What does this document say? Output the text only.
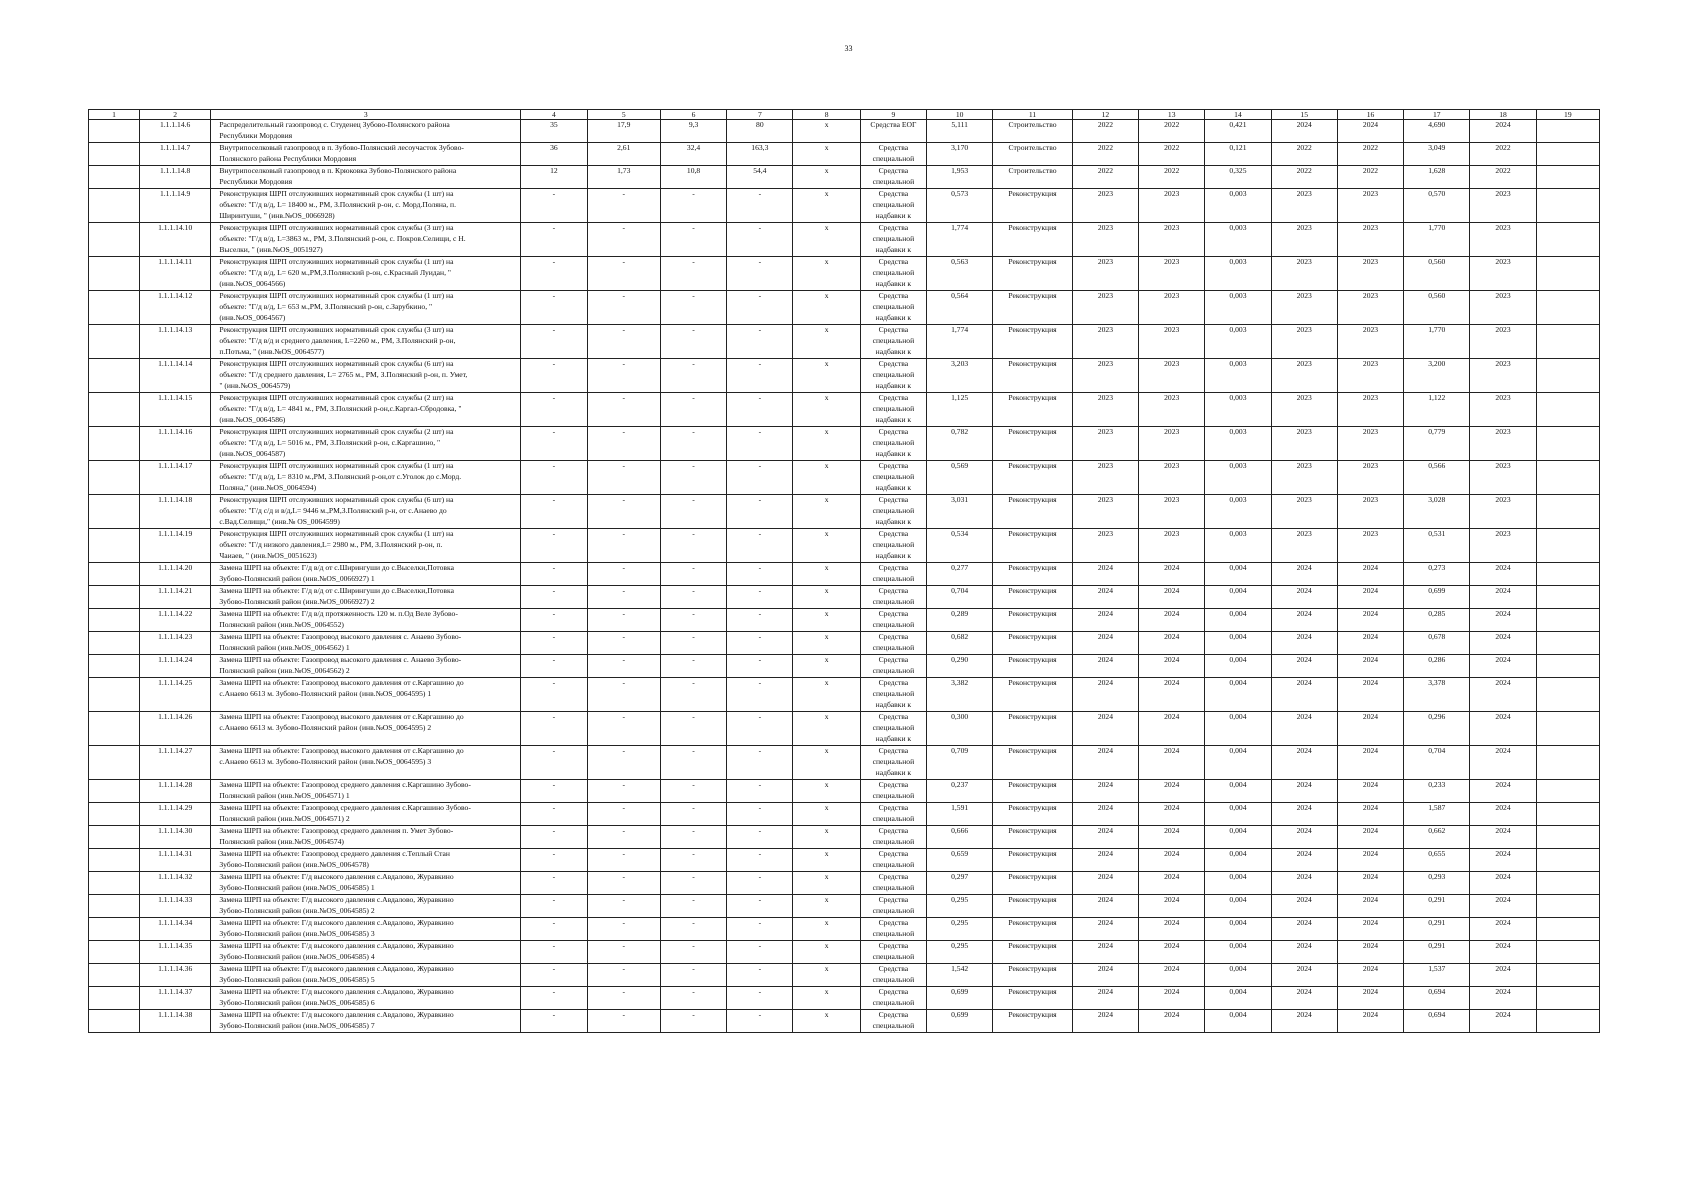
33
1	2	3	4	5	6	7	8	9	10	11	12	13	14	15	16	17	18	19
	1.1.1.14.6	Распределительный газопровод с. Студенец Зубово-Полянского района
Республики Мордовия	35	17,9	9,3	80	х	Средства ЕОГ	5,111	Строительство	2022	2022	0,421	2024	2024	4,690	2024	
	1.1.1.14.7	Внутрипоселковый газопровод в п. Зубово-Полянский лесоучасток Зубово-
Полянского района Республики Мордовия	36	2,61	32,4	163,3	х	Средства
специальной	3,170	Строительство	2022	2022	0,121	2022	2022	3,049	2022	
	1.1.1.14.8	Внутрипоселковый газопровод в п. Крюковка Зубово-Полянского района
Республики Мордовия	12	1,73	10,8	54,4	х	Средства
специальной	1,953	Строительство	2022	2022	0,325	2022	2022	1,628	2022	
	1.1.1.14.9	Реконструкция ШРП отслуживших нормативный срок службы (1 шт) на
объекте: "Г/д в/д, L= 18400 м., РМ, З.Полянский р-он, с. Морд.Поляна, п.
Ширинтуши, " (инв.№OS_0066928)	-	-	-	-	х	Средства
специальной
надбавки к	0,573	Реконструкция	2023	2023	0,003	2023	2023	0,570	2023	
	1.1.1.14.10	Реконструкция ШРП отслуживших нормативный срок службы (3 шт) на
объекте: "Г/д в/д, L=3863 м., РМ, З.Полянский р-он, с. Покров.Селищи, с Н.
Выселки, " (инв.№OS_0051927)	-	-	-	-	х	Средства
специальной
надбавки к	1,774	Реконструкция	2023	2023	0,003	2023	2023	1,770	2023	
	1.1.1.14.11	Реконструкция ШРП отслуживших нормативный срок службы (1 шт) на
объекте: "Г/д в/д, L= 620 м.,РМ,З.Полянский р-он, с.Красный Луидан, "
(инв.№OS_0064566)	-	-	-	-	х	Средства
специальной
надбавки к	0,563	Реконструкция	2023	2023	0,003	2023	2023	0,560	2023	
	1.1.1.14.12	Реконструкция ШРП отслуживших нормативный срок службы (1 шт) на
объекте: "Г/д в/д, L= 653 м.,РМ, З.Полянский р-он, с.Зарубкино, "
(инв.№OS_0064567)	-	-	-	-	х	Средства
специальной
надбавки к	0,564	Реконструкция	2023	2023	0,003	2023	2023	0,560	2023	
	1.1.1.14.13	Реконструкция ШРП отслуживших нормативный срок службы (3 шт) на
объекте: "Г/д в/д и среднего давления, L=2260 м., РМ, З.Полянский р-он,
п.Потьма, " (инв.№OS_0064577)	-	-	-	-	х	Средства
специальной
надбавки к	1,774	Реконструкция	2023	2023	0,003	2023	2023	1,770	2023	
	1.1.1.14.14	Реконструкция ШРП отслуживших нормативный срок службы (6 шт) на
объекте: "Г/д среднего давления, L= 2765 м., РМ, З.Полянский р-он, п. Умет,
" (инв.№OS_0064579)	-	-	-	-	х	Средства
специальной
надбавки к	3,203	Реконструкция	2023	2023	0,003	2023	2023	3,200	2023	
	1.1.1.14.15	Реконструкция ШРП отслуживших нормативный срок службы (2 шт) на
объекте: "Г/д в/д, L= 4841 м., РМ, З.Полянский р-он,с.Каргал-Сбродовка, "
(инв.№OS_0064586)	-	-	-	-	х	Средства
специальной
надбавки к	1,125	Реконструкция	2023	2023	0,003	2023	2023	1,122	2023	
	1.1.1.14.16	Реконструкция ШРП отслуживших нормативный срок службы (2 шт) на
объекте: "Г/д в/д, L= 5016 м., РМ, З.Полянский р-он, с.Каргашино, "
(инв.№OS_0064587)	-	-	-	-	х	Средства
специальной
надбавки к	0,782	Реконструкция	2023	2023	0,003	2023	2023	0,779	2023	
	1.1.1.14.17	Реконструкция ШРП отслуживших нормативный срок службы (1 шт) на
объекте: "Г/д в/д, L= 8310 м.,РМ, З.Полянский р-он,от с.Уголок до с.Морд.
Поляна," (инв.№OS_0064594)	-	-	-	-	х	Средства
специальной
надбавки к	0,569	Реконструкция	2023	2023	0,003	2023	2023	0,566	2023	
	1.1.1.14.18	Реконструкция ШРП отслуживших нормативный срок службы (6 шт) на
объекте: "Г/д с/д и в/д,L= 9446 м.,РМ,З.Полянский р-н, от с.Анаево до
с.Вад.Селищи," (инв.№ OS_0064599)	-	-	-	-	х	Средства
специальной
надбавки к	3,031	Реконструкция	2023	2023	0,003	2023	2023	3,028	2023	
	1.1.1.14.19	Реконструкция ШРП отслуживших нормативный срок службы (1 шт) на
объекте: "Г/д низкого давления,L= 2980 м., РМ, З.Полянский р-он, п.
Чаиаев, " (инв.№OS_0051623)	-	-	-	-	х	Средства
специальной
надбавки к	0,534	Реконструкция	2023	2023	0,003	2023	2023	0,531	2023	
	1.1.1.14.20	Замена ШРП на объекте: Г/д в/д от с.Ширингуши до с.Выселки,Потовка
Зубово-Полянский район (инв.№OS_0066927) 1	-	-	-	-	х	Средства
специальной	0,277	Реконструкция	2024	2024	0,004	2024	2024	0,273	2024	
	1.1.1.14.21	Замена ШРП на объекте: Г/д в/д от с.Ширингуши до с.Выселки,Потовка
Зубово-Полянский район (инв.№OS_0066927) 2	-	-	-	-	х	Средства
специальной	0,704	Реконструкция	2024	2024	0,004	2024	2024	0,699	2024	
	1.1.1.14.22	Замена ШРП на объекте: Г/д в/д протяженность 120 м. п.Од Веле Зубово-
Полянский район (инв.№OS_0064552)	-	-	-	-	х	Средства
специальной	0,289	Реконструкция	2024	2024	0,004	2024	2024	0,285	2024	
	1.1.1.14.23	Замена ШРП на объекте: Газопровод высокого давления с. Анаево Зубово-
Полянский район (инв.№OS_0064562) 1	-	-	-	-	х	Средства
специальной	0,682	Реконструкция	2024	2024	0,004	2024	2024	0,678	2024	
	1.1.1.14.24	Замена ШРП на объекте: Газопровод высокого давления с. Анаево Зубово-
Полянский район (инв.№OS_0064562) 2	-	-	-	-	х	Средства
специальной	0,290	Реконструкция	2024	2024	0,004	2024	2024	0,286	2024	
	1.1.1.14.25	Замена ШРП на объекте: Газопровод высокого давления от с.Каргашино до
с.Анаево 6613 м. Зубово-Полянский район (инв.№OS_0064595) 1	-	-	-	-	х	Средства
специальной
надбавки к	3,382	Реконструкция	2024	2024	0,004	2024	2024	3,378	2024	
	1.1.1.14.26	Замена ШРП на объекте: Газопровод высокого давления от с.Каргашино до
с.Анаево 6613 м. Зубово-Полянский район (инв.№OS_0064595) 2	-	-	-	-	х	Средства
специальной
надбавки к	0,300	Реконструкция	2024	2024	0,004	2024	2024	0,296	2024	
	1.1.1.14.27	Замена ШРП на объекте: Газопровод высокого давления от с.Каргашино до
с.Анаево 6613 м. Зубово-Полянский район (инв.№OS_0064595) 3	-	-	-	-	х	Средства
специальной
надбавки к	0,709	Реконструкция	2024	2024	0,004	2024	2024	0,704	2024	
	1.1.1.14.28	Замена ШРП на объекте: Газопровод среднего давления с.Каргашино Зубово-
Полянский район (инв.№OS_0064571) 1	-	-	-	-	х	Средства
специальной	0,237	Реконструкция	2024	2024	0,004	2024	2024	0,233	2024	
	1.1.1.14.29	Замена ШРП на объекте: Газопровод среднего давления с.Каргашино Зубово-
Полянский район (инв.№OS_0064571) 2	-	-	-	-	х	Средства
специальной	1,591	Реконструкция	2024	2024	0,004	2024	2024	1,587	2024	
	1.1.1.14.30	Замена ШРП на объекте: Газопровод среднего давления п. Умет Зубово-
Полянский район (инв.№OS_0064574)	-	-	-	-	х	Средства
специальной	0,666	Реконструкция	2024	2024	0,004	2024	2024	0,662	2024	
	1.1.1.14.31	Замена ШРП на объекте: Газопровод среднего давления с.Теплый Стан
Зубово-Полянский район (инв.№OS_0064578)	-	-	-	-	х	Средства
специальной	0,659	Реконструкция	2024	2024	0,004	2024	2024	0,655	2024	
	1.1.1.14.32	Замена ШРП на объекте: Г/д высокого давления с.Авдалово, Журавкино
Зубово-Полянский район (инв.№OS_0064585) 1	-	-	-	-	х	Средства
специальной	0,297	Реконструкция	2024	2024	0,004	2024	2024	0,293	2024	
	1.1.1.14.33	Замена ШРП на объекте: Г/д высокого давления с.Авдалово, Журавкино
Зубово-Полянский район (инв.№OS_0064585) 2	-	-	-	-	х	Средства
специальной	0,295	Реконструкция	2024	2024	0,004	2024	2024	0,291	2024	
	1.1.1.14.34	Замена ШРП на объекте: Г/д высокого давления с.Авдалово, Журавкино
Зубово-Полянский район (инв.№OS_0064585) 3	-	-	-	-	х	Средства
специальной	0,295	Реконструкция	2024	2024	0,004	2024	2024	0,291	2024	
	1.1.1.14.35	Замена ШРП на объекте: Г/д высокого давления с.Авдалово, Журавкино
Зубово-Полянский район (инв.№OS_0064585) 4	-	-	-	-	х	Средства
специальной	0,295	Реконструкция	2024	2024	0,004	2024	2024	0,291	2024	
	1.1.1.14.36	Замена ШРП на объекте: Г/д высокого давления с.Авдалово, Журавкино
Зубово-Полянский район (инв.№OS_0064585) 5	-	-	-	-	х	Средства
специальной	1,542	Реконструкция	2024	2024	0,004	2024	2024	1,537	2024	
	1.1.1.14.37	Замена ШРП на объекте: Г/д высокого давления с.Авдалово, Журавкино
Зубово-Полянский район (инв.№OS_0064585) 6	-	-	-	-	х	Средства
специальной	0,699	Реконструкция	2024	2024	0,004	2024	2024	0,694	2024	
	1.1.1.14.38	Замена ШРП на объекте: Г/д высокого давления с.Авдалово, Журавкино
Зубово-Полянский район (инв.№OS_0064585) 7	-	-	-	-	х	Средства
специальной	0,699	Реконструкция	2024	2024	0,004	2024	2024	0,694	2024	
